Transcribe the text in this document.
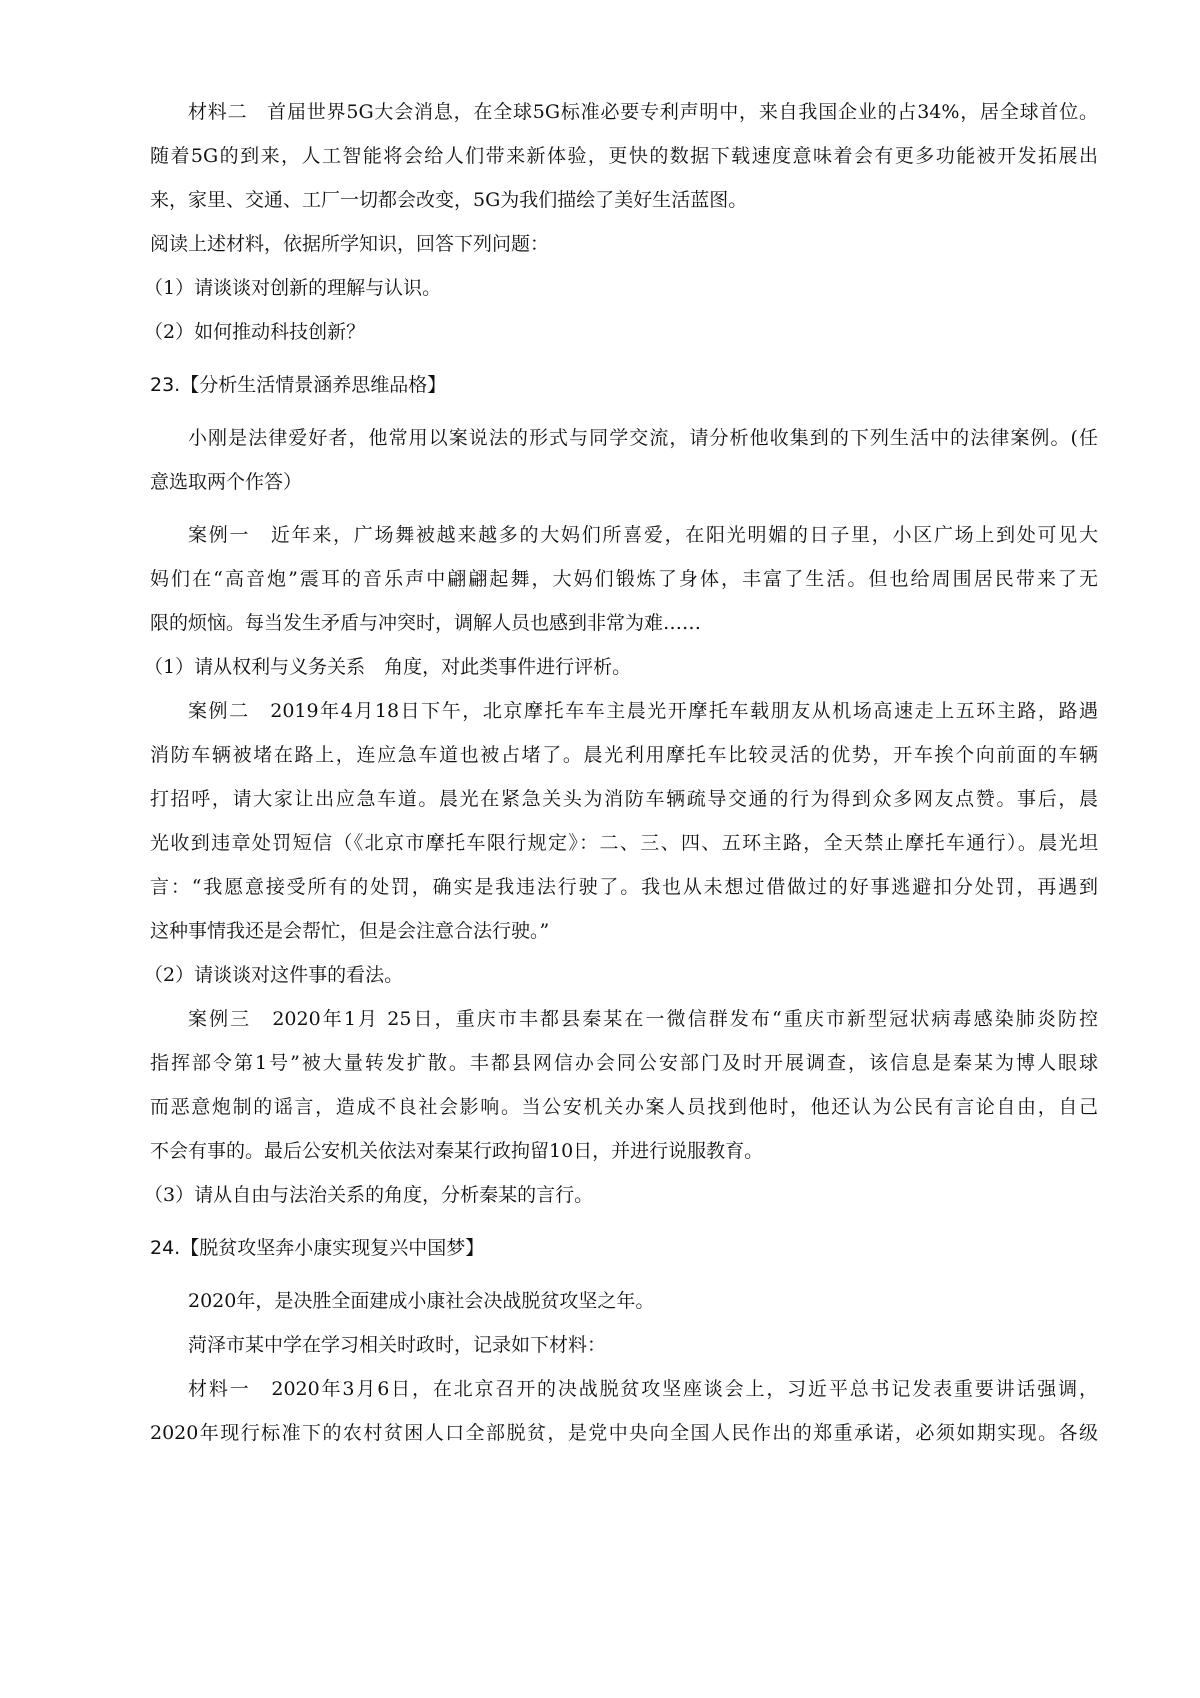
材料二　首届世界5G大会消息，在全球5G标准必要专利声明中，来自我国企业的占34%，居全球首位。
随着5G的到来，人工智能将会给人们带来新体验，更快的数据下载速度意味着会有更多功能被开发拓展出
来，家里、交通、工厂一切都会改变，5G为我们描绘了美好生活蓝图。
阅读上述材料，依据所学知识，回答下列问题：
（1）请谈谈对创新的理解与认识。
（2）如何推动科技创新？
23.【分析生活情景涵养思维品格】
小刚是法律爱好者，他常用以案说法的形式与同学交流，请分析他收集到的下列生活中的法律案例。(任
意选取两个作答）
案例一　近年来，广场舞被越来越多的大妈们所喜爱，在阳光明媚的日子里，小区广场上到处可见大
妈们在“高音炮”震耳的音乐声中翩翩起舞，大妈们锻炼了身体，丰富了生活。但也给周围居民带来了无
限的烦恼。每当发生矛盾与冲突时，调解人员也感到非常为难……
（1）请从权利与义务关系　角度，对此类事件进行评析。
案例二　2019年4月18日下午，北京摩托车车主晨光开摩托车载朋友从机场高速走上五环主路，路遇
消防车辆被堵在路上，连应急车道也被占堵了。晨光利用摩托车比较灵活的优势，开车挨个向前面的车辆
打招呼，请大家让出应急车道。晨光在紧急关头为消防车辆疏导交通的行为得到众多网友点赞。事后，晨
光收到违章处罚短信（《北京市摩托车限行规定》：二、三、四、五环主路，全天禁止摩托车通行）。晨光坦
言：“我愿意接受所有的处罚，确实是我违法行驶了。我也从未想过借做过的好事逃避扣分处罚，再遇到
这种事情我还是会帮忙，但是会注意合法行驶。”
（2）请谈谈对这件事的看法。
案例三　2020年1月 25日，重庆市丰都县秦某在一微信群发布“重庆市新型冠状病毒感染肺炎防控
指挥部令第1号”被大量转发扩散。丰都县网信办会同公安部门及时开展调查，该信息是秦某为博人眼球
而恶意炮制的谣言，造成不良社会影响。当公安机关办案人员找到他时，他还认为公民有言论自由，自己
不会有事的。最后公安机关依法对秦某行政拘留10日，并进行说服教育。
（3）请从自由与法治关系的角度，分析秦某的言行。
24.【脱贫攻坚奔小康实现复兴中国梦】
2020年，是决胜全面建成小康社会决战脱贫攻坚之年。
菏泽市某中学在学习相关时政时，记录如下材料：
材料一　2020年3月6日，在北京召开的决战脱贫攻坚座谈会上，习近平总书记发表重要讲话强调，
2020年现行标准下的农村贫困人口全部脱贫，是党中央向全国人民作出的郑重承诺，必须如期实现。各级
